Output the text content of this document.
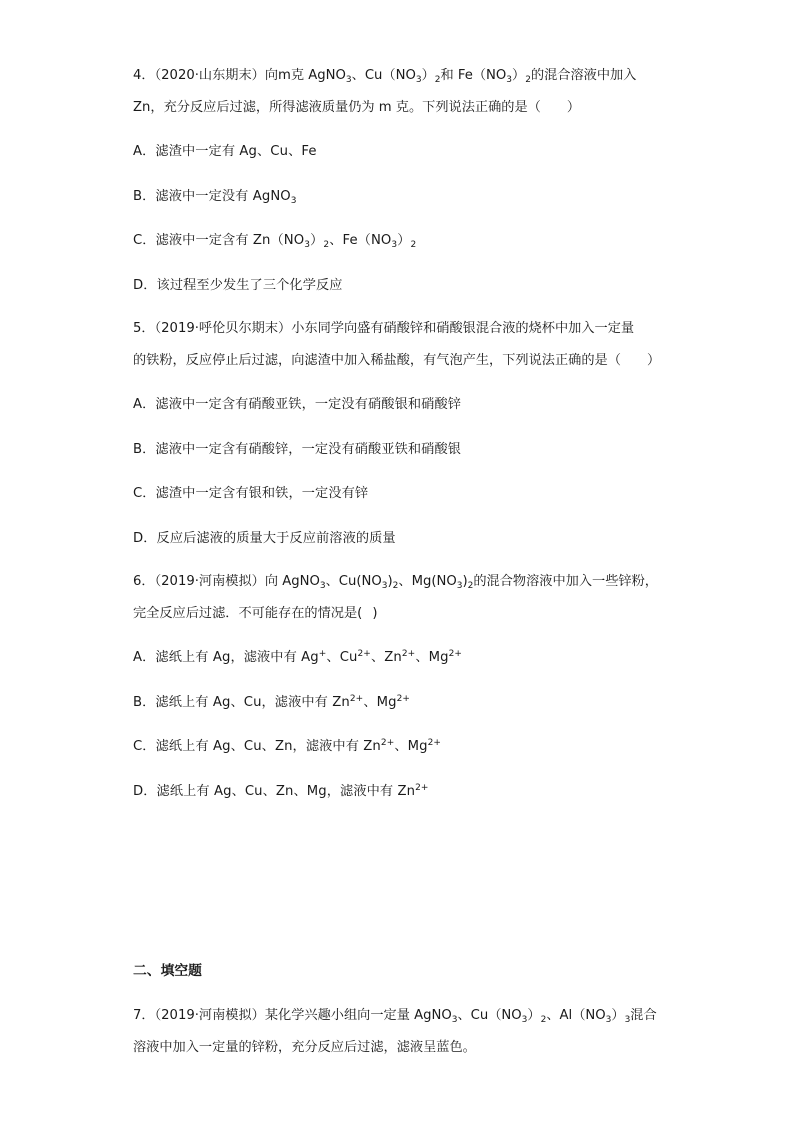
4．（2020·山东期末）向m克 AgNO$_3$、$Cu(NO_3)_2$和 $Fe(NO_3)_2$的混合溶液中加入
Zn，充分反应后过滤，所得滤液质量仍为 m 克。下列说法正确的是（ ）
A．滤渣中一定有 Ag、Cu、Fe
B．滤液中一定没有 AgNO$_3$
C．滤液中一定含有 $Zn(NO_3)_2$、$Fe(NO_3)_2$
D．该过程至少发生了三个化学反应
5．（2019·呼伦贝尔期末）小东同学向盛有硝酸锌和硝酸银混合液的烧杯中加入一定量
的铁粉，反应停止后过滤，向滤渣中加入稀盐酸，有气泡产生，下列说法正确的是（ ）
A．滤液中一定含有硝酸亚铁，一定没有硝酸银和硝酸锌
B．滤液中一定含有硝酸锌，一定没有硝酸亚铁和硝酸银
C．滤渣中一定含有银和铁，一定没有锌
D．反应后滤液的质量大于反应前溶液的质量
6．（2019·河南模拟）向 AgNO$_3$、$Cu(NO_3)_2$、$Mg(NO_3)_2$的混合物溶液中加入一些锌粉，
完全反应后过滤．不可能存在的情况是( )
A．滤纸上有 Ag，滤液中有 Ag+、$Cu^{2+}$、$Zn^{2+}$、$Mg^{2+}$
B．滤纸上有 Ag、Cu，滤液中有 $Zn^{2+}$、$Mg^{2+}$
C．滤纸上有 Ag、Cu、Zn，滤液中有 $Zn^{2+}$、$Mg^{2+}$
D．滤纸上有 Ag、Cu、Zn、Mg，滤液中有 $Zn^{2+}$
二、填空题
7．（2019·河南模拟）某化学兴趣小组向一定量 AgNO$_3$、$Cu(NO_3)_2$、$Al(NO_3)_3$混合
溶液中加入一定量的锌粉，充分反应后过滤，滤液呈蓝色。
